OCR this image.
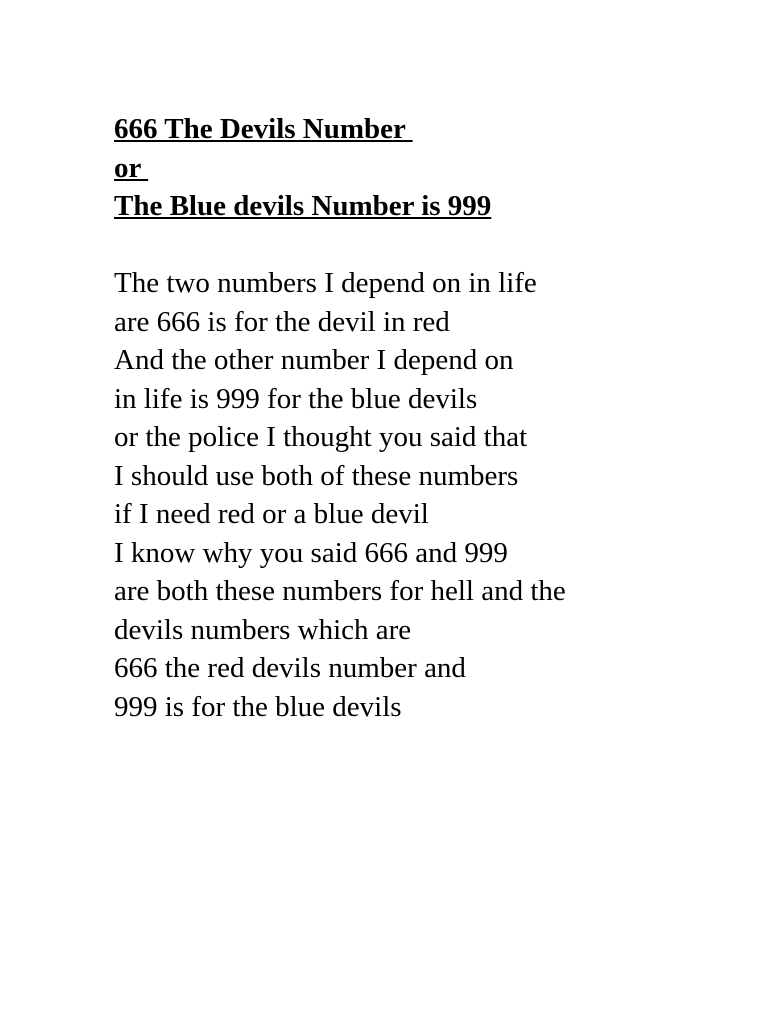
666 The Devils Number
or
The Blue devils Number is 999
The two numbers I depend on in life
are 666 is for the devil in red
And the other number I depend on
in life is 999 for the blue devils
or the police I thought you said that
I should use both of these numbers
if I need red or a blue devil
I know why you said 666 and 999
are both these numbers for hell and the
devils numbers which are
666 the red devils number and
999 is for the blue devils
